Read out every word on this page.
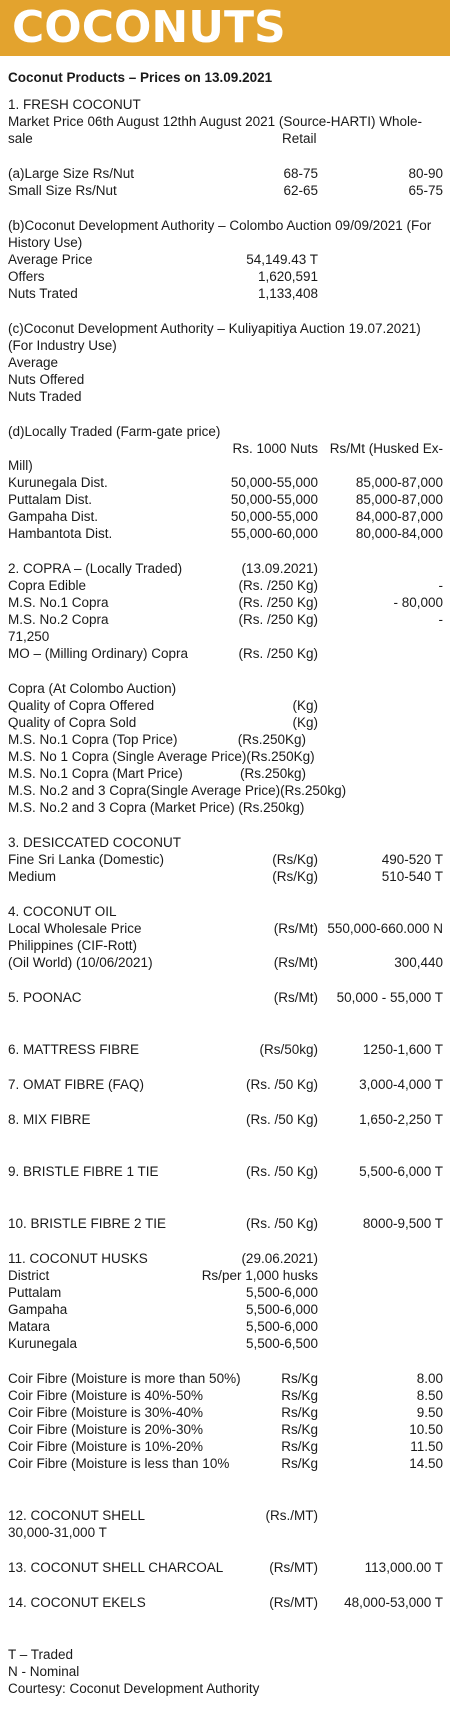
COCONUTS
Coconut Products – Prices on 13.09.2021
1. FRESH COCONUT
Market Price 06th August 12thh August 2021 (Source-HARTI) Whole-
sale	Retail
(a)Large Size Rs/Nut	68-75	80-90
Small Size Rs/Nut	62-65	65-75
(b)Coconut Development Authority – Colombo Auction 09/09/2021 (For
History Use)
Average Price	54,149.43 T
Offers	1,620,591
Nuts Trated	1,133,408
(c)Coconut Development Authority – Kuliyapitiya Auction 19.07.2021)
(For Industry Use)
Average
Nuts Offered
Nuts Traded
(d)Locally Traded (Farm-gate price)
Rs. 1000 Nuts Rs/Mt (Husked Ex-
Mill)
Kurunegala Dist.	50,000-55,000	85,000-87,000
Puttalam Dist.	50,000-55,000	85,000-87,000
Gampaha Dist.	50,000-55,000	84,000-87,000
Hambantota Dist.	55,000-60,000	80,000-84,000
2. COPRA – (Locally Traded)	(13.09.2021)
Copra Edible	(Rs. /250 Kg)	-
M.S. No.1 Copra	(Rs. /250 Kg)	- 80,000
M.S. No.2 Copra	(Rs. /250 Kg)	-
71,250
MO – (Milling Ordinary) Copra	(Rs. /250 Kg)
Copra (At Colombo Auction)
Quality of Copra Offered	(Kg)
Quality of Copra Sold	(Kg)
M.S. No.1 Copra (Top Price)	(Rs.250Kg)
M.S. No 1 Copra (Single Average Price)(Rs.250Kg)
M.S. No.1 Copra (Mart Price)	(Rs.250kg)
M.S. No.2 and 3 Copra(Single Average Price)(Rs.250kg)
M.S. No.2 and 3 Copra (Market Price) (Rs.250kg)
3. DESICCATED COCONUT
Fine Sri Lanka (Domestic)	(Rs/Kg)	490-520 T
Medium	(Rs/Kg)	510-540 T
4. COCONUT OIL
Local Wholesale Price	(Rs/Mt) 550,000-660.000 N
Philippines (CIF-Rott)
(Oil World) (10/06/2021)	(Rs/Mt)	300,440
5. POONAC	(Rs/Mt) 50,000 - 55,000 T
6. MATTRESS FIBRE	(Rs/50kg)	1250-1,600 T
7. OMAT FIBRE (FAQ)	(Rs. /50 Kg)	3,000-4,000 T
8. MIX FIBRE	(Rs. /50 Kg)	1,650-2,250 T
9. BRISTLE FIBRE 1 TIE	(Rs. /50 Kg)	5,500-6,000 T
10. BRISTLE FIBRE 2 TIE	(Rs. /50 Kg)	8000-9,500 T
11. COCONUT HUSKS	(29.06.2021)
District	Rs/per 1,000 husks
Puttalam	5,500-6,000
Gampaha	5,500-6,000
Matara	5,500-6,000
Kurunegala	5,500-6,500
Coir Fibre (Moisture is more than 50%)	Rs/Kg	8.00
Coir Fibre (Moisture is 40%-50%	Rs/Kg	8.50
Coir Fibre (Moisture is 30%-40%	Rs/Kg	9.50
Coir Fibre (Moisture is 20%-30%	Rs/Kg	10.50
Coir Fibre (Moisture is 10%-20%	Rs/Kg	11.50
Coir Fibre (Moisture is less than 10%	Rs/Kg	14.50
12. COCONUT SHELL	(Rs./MT)
30,000-31,000 T
13. COCONUT SHELL CHARCOAL	(Rs/MT)	113,000.00 T
14. COCONUT EKELS	(Rs/MT) 48,000-53,000 T
T – Traded
N - Nominal
Courtesy: Coconut Development Authority
